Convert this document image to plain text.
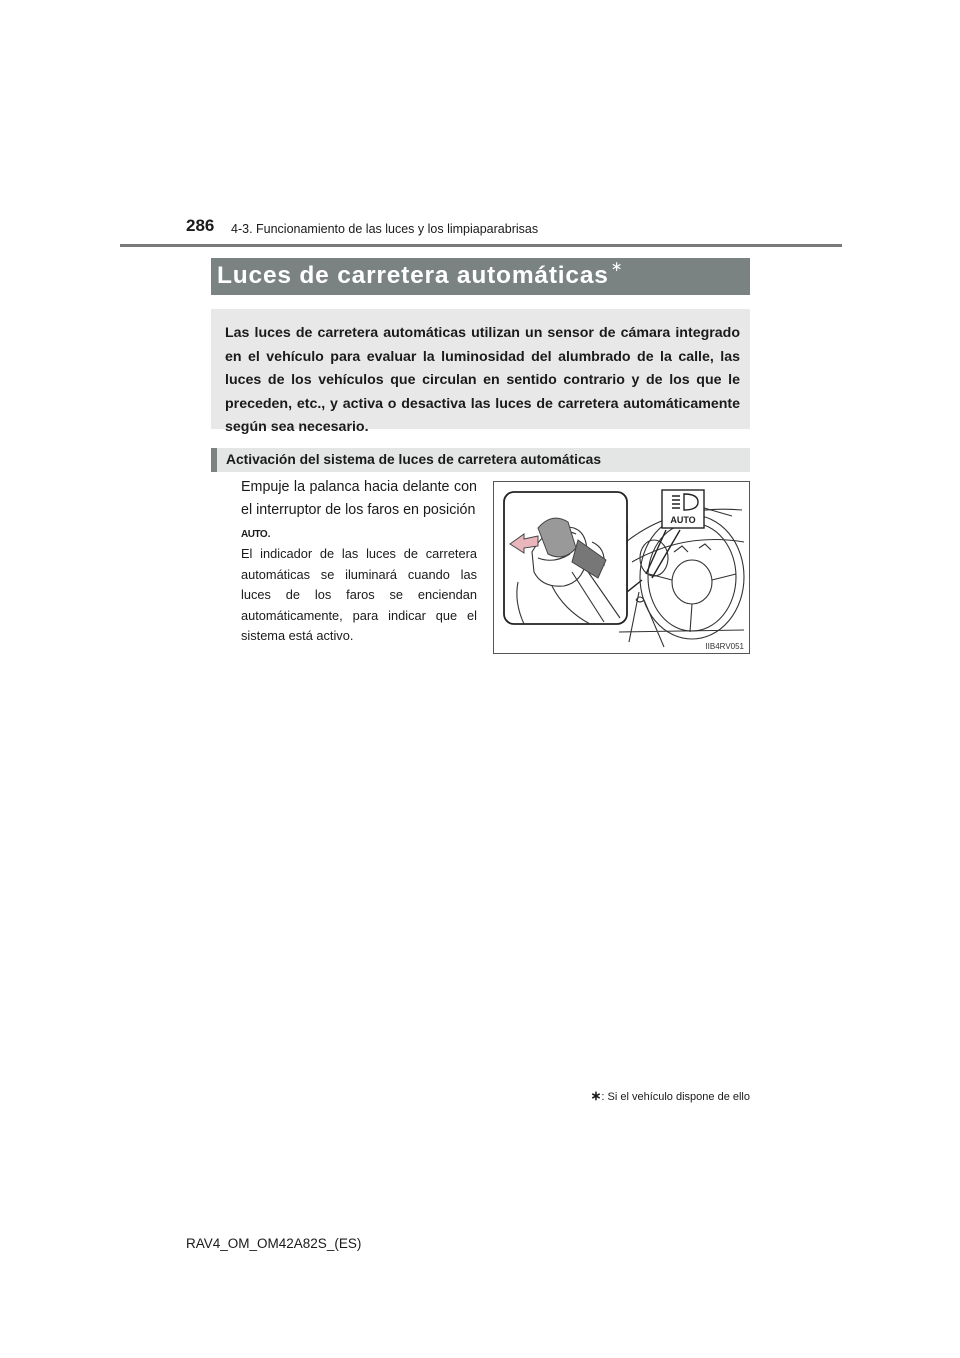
286 4-3. Funcionamiento de las luces y los limpiaparabrisas
Luces de carretera automáticas ∗
Las luces de carretera automáticas utilizan un sensor de cámara integrado en el vehículo para evaluar la luminosidad del alumbrado de la calle, las luces de los vehículos que circulan en sentido contrario y de los que le preceden, etc., y activa o desactiva las luces de carretera automáticamente según sea necesario.
Activación del sistema de luces de carretera automáticas
Empuje la palanca hacia delante con el interruptor de los faros en posición
AUTO.
El indicador de las luces de carretera automáticas se iluminará cuando las luces de los faros se enciendan automáticamente, para indicar que el sistema está activo.
AUTO
IIB4RV051
∗: Si el vehículo dispone de ello
RAV4_OM_OM42A82S_(ES)
